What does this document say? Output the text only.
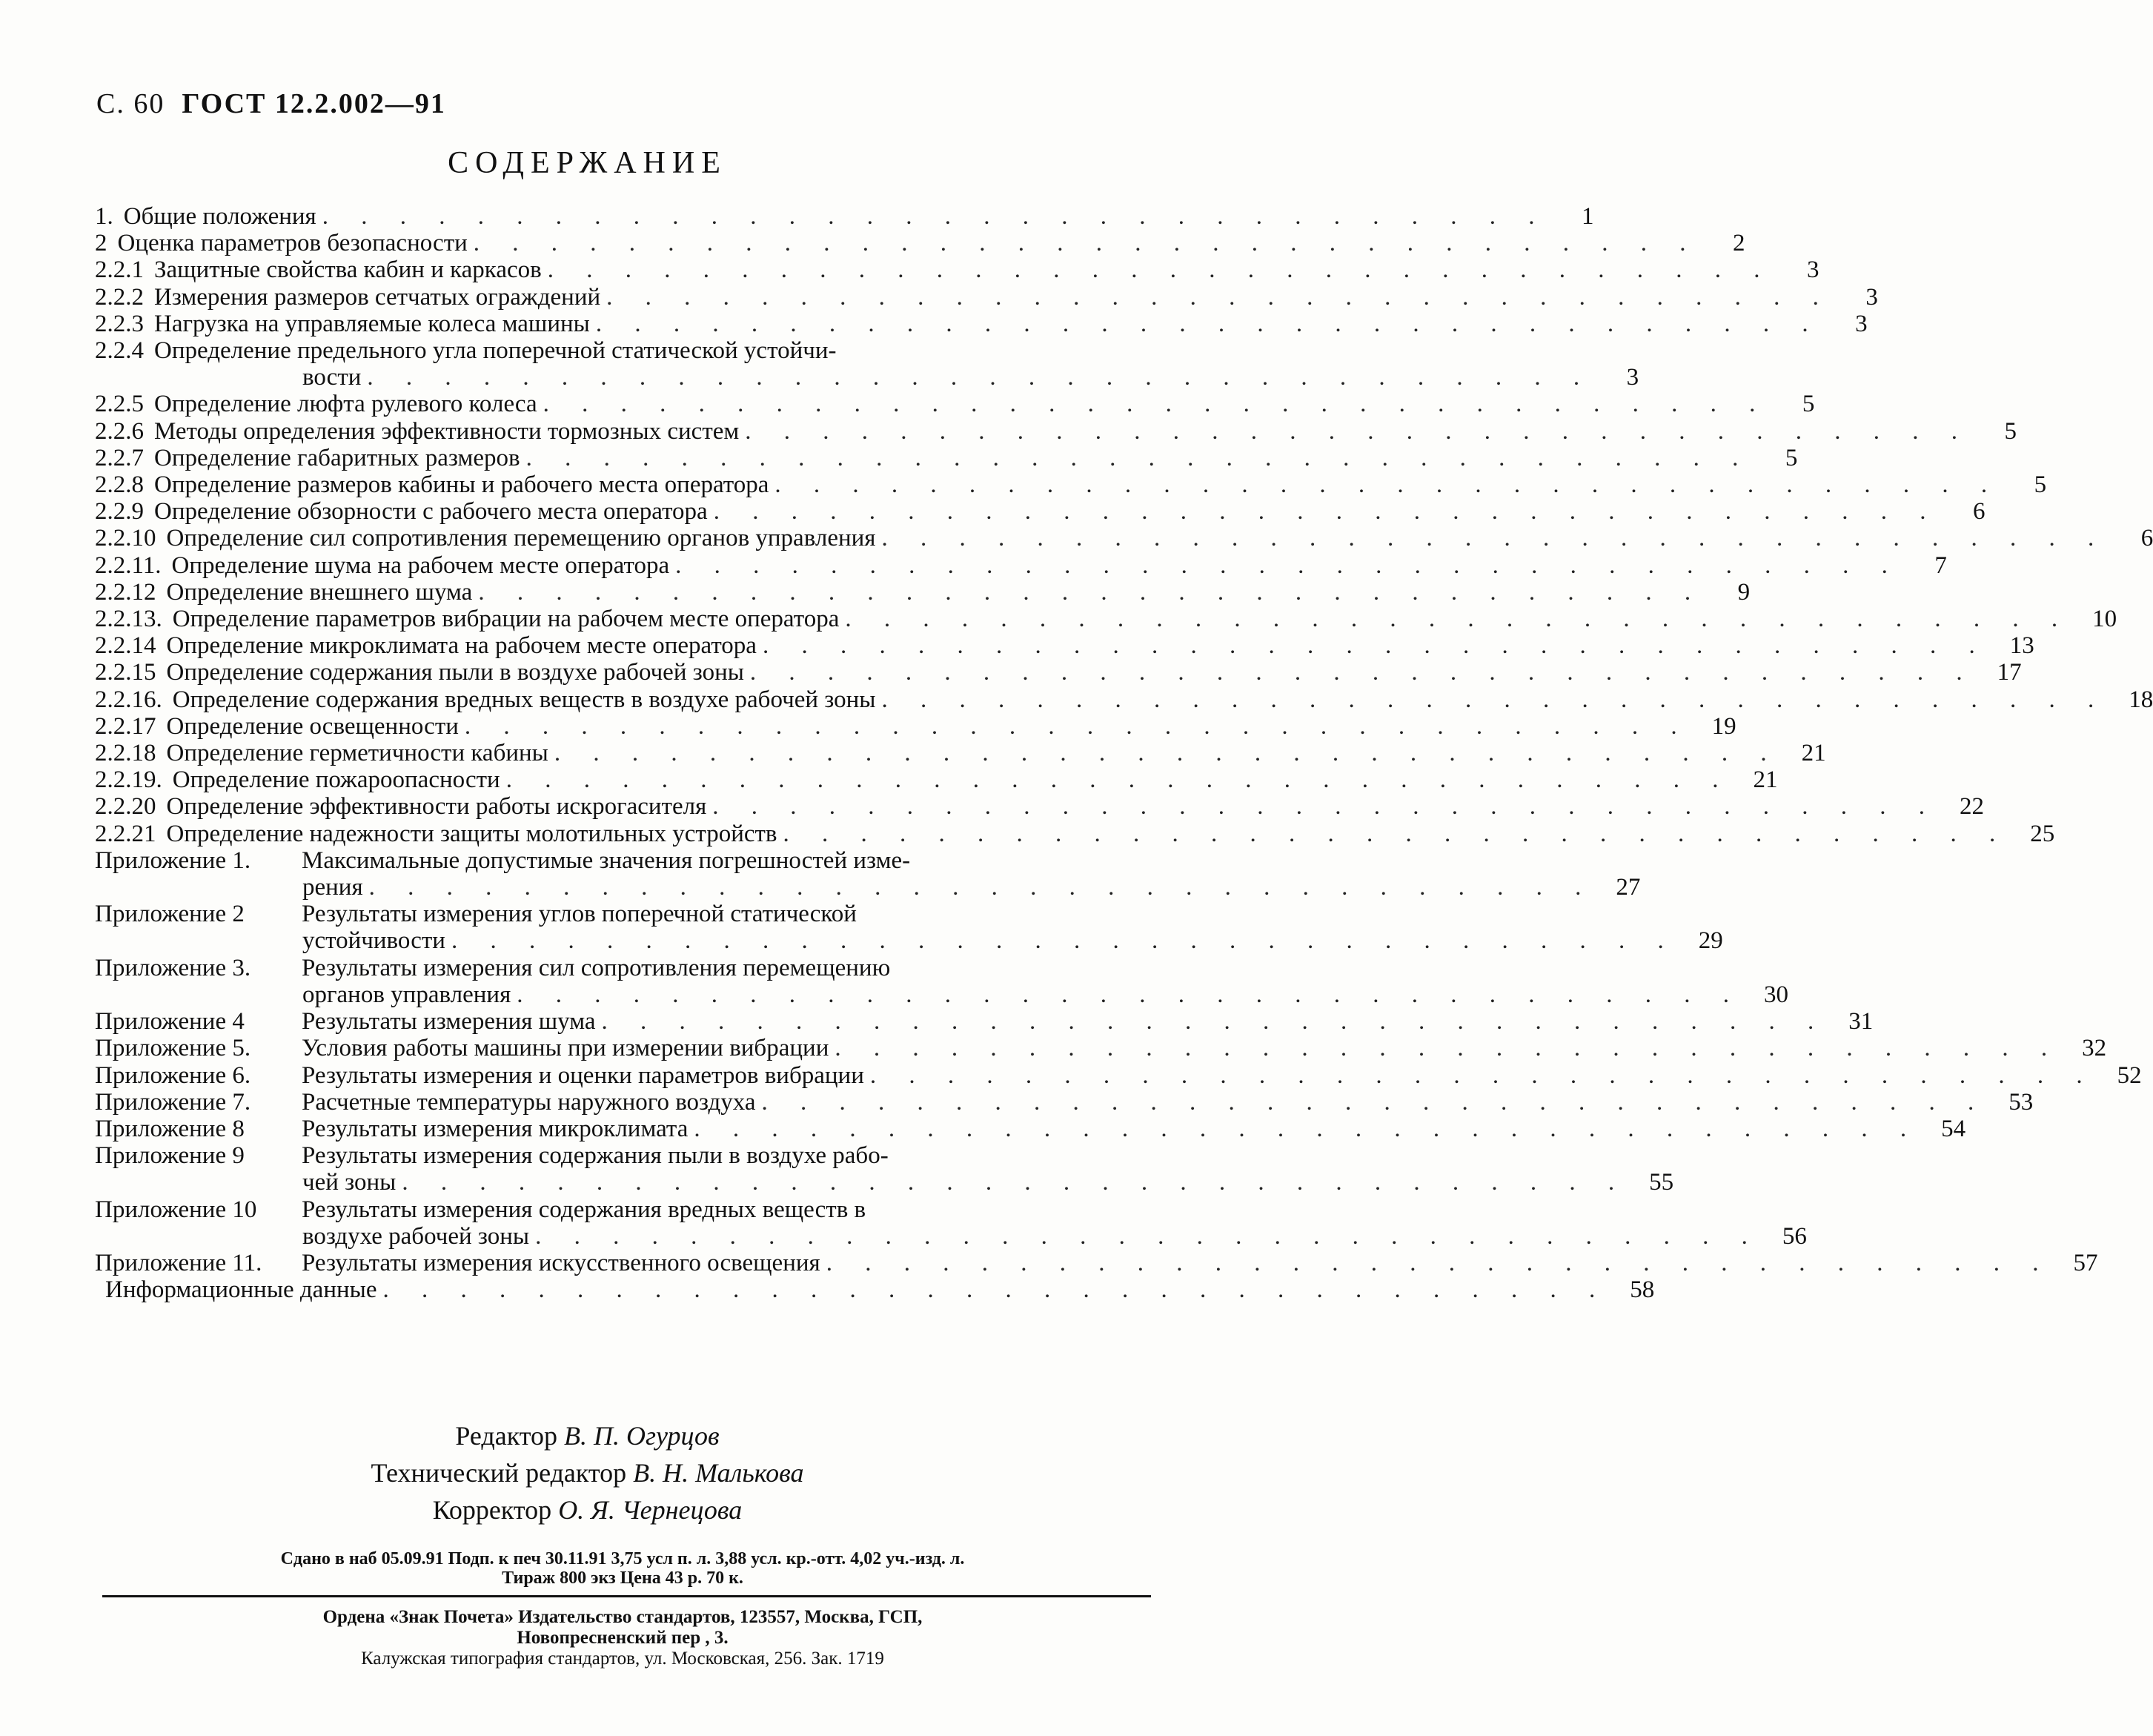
С. 60 ГОСТ 12.2.002—91
СОДЕРЖАНИЕ
1. Общие положения . . . . . . . . . . . . . . . . . . . . . . . . . . . . . . . .	1
2 Оценка параметров безопасности . . . . . . . . . . . . . . . . . . . . . . . . . . . . . . . .	2
2.2.1 Защитные свойства кабин и каркасов . . . . . . . . . . . . . . . . . . . . . . . . . . . . . . . .	3
2.2.2 Измерения размеров сетчатых ограждений . . . . . . . . . . . . . . . . . . . . . . . . . . . . . . . .	3
2.2.3 Нагрузка на управляемые колеса машины . . . . . . . . . . . . . . . . . . . . . . . . . . . . . . . .	3
2.2.4 Определение предельного угла поперечной статической устойчи-
вости . . . . . . . . . . . . . . . . . . . . . . . . . . . . . . . .	3
2.2.5 Определение люфта рулевого колеса . . . . . . . . . . . . . . . . . . . . . . . . . . . . . . . .	5
2.2.6 Методы определения эффективности тормозных систем . . . . . . . . . . . . . . . . . . . . . . . . . . . . . . . .	5
2.2.7 Определение габаритных размеров . . . . . . . . . . . . . . . . . . . . . . . . . . . . . . . .	5
2.2.8 Определение размеров кабины и рабочего места оператора . . . . . . . . . . . . . . . . . . . . . . . . . . . . . . . .	5
2.2.9 Определение обзорности с рабочего места оператора . . . . . . . . . . . . . . . . . . . . . . . . . . . . . . . .	6
2.2.10 Определение сил сопротивления перемещению органов управления . . . . . . . . . . . . . . . . . . . . . . . . . . . . . . . .	6
2.2.11. Определение шума на рабочем месте оператора . . . . . . . . . . . . . . . . . . . . . . . . . . . . . . . .	7
2.2.12 Определение внешнего шума . . . . . . . . . . . . . . . . . . . . . . . . . . . . . . . .	9
2.2.13. Определение параметров вибрации на рабочем месте оператора . . . . . . . . . . . . . . . . . . . . . . . . . . . . . . . . 10
2.2.14 Определение микроклимата на рабочем месте оператора . . . . . . . . . . . . . . . . . . . . . . . . . . . . . . . . 13
2.2.15 Определение содержания пыли в воздухе рабочей зоны . . . . . . . . . . . . . . . . . . . . . . . . . . . . . . . . 17
2.2.16. Определение содержания вредных веществ в воздухе рабочей зоны . . . . . . . . . . . . . . . . . . . . . . . . . . . . . . . . 18
2.2.17 Определение освещенности . . . . . . . . . . . . . . . . . . . . . . . . . . . . . . . . 19
2.2.18 Определение герметичности кабины . . . . . . . . . . . . . . . . . . . . . . . . . . . . . . . . 21
2.2.19. Определение пожароопасности . . . . . . . . . . . . . . . . . . . . . . . . . . . . . . . . 21
2.2.20 Определение эффективности работы искрогасителя . . . . . . . . . . . . . . . . . . . . . . . . . . . . . . . . 22
2.2.21 Определение надежности защиты молотильных устройств . . . . . . . . . . . . . . . . . . . . . . . . . . . . . . . . 25
Приложение 1.	Максимальные допустимые значения погрешностей изме-
рения . . . . . . . . . . . . . . . . . . . . . . . . . . . . . . . . 27
Приложение 2	Результаты измерения углов поперечной статической
устойчивости . . . . . . . . . . . . . . . . . . . . . . . . . . . . . . . . 29
Приложение 3.	Результаты измерения сил сопротивления перемещению
органов управления . . . . . . . . . . . . . . . . . . . . . . . . . . . . . . . . 30
Приложение 4	Результаты измерения шума . . . . . . . . . . . . . . . . . . . . . . . . . . . . . . . . 31
Приложение 5.	Условия работы машины при измерении вибрации . . . . . . . . . . . . . . . . . . . . . . . . . . . . . . . . 32
Приложение 6.	Результаты измерения и оценки параметров вибрации . . . . . . . . . . . . . . . . . . . . . . . . . . . . . . . . 52
Приложение 7.	Расчетные температуры наружного воздуха . . . . . . . . . . . . . . . . . . . . . . . . . . . . . . . . 53
Приложение 8	Результаты измерения микроклимата . . . . . . . . . . . . . . . . . . . . . . . . . . . . . . . . 54
Приложение 9	Результаты измерения содержания пыли в воздухе рабо-
чей зоны . . . . . . . . . . . . . . . . . . . . . . . . . . . . . . . . 55
Приложение 10	Результаты измерения содержания вредных веществ в
воздухе рабочей зоны . . . . . . . . . . . . . . . . . . . . . . . . . . . . . . . . 56
Приложение 11.	Результаты измерения искусственного освещения . . . . . . . . . . . . . . . . . . . . . . . . . . . . . . . . 57
Информационные данные . . . . . . . . . . . . . . . . . . . . . . . . . . . . . . . . 58
Редактор В. П. Огурцов
Технический редактор В. Н. Малькова
Корректор О. Я. Чернецова
Сдано в наб 05.09.91 Подп. к печ 30.11.91 3,75 усл п. л. 3,88 усл. кр.-отт. 4,02 уч.-изд. л.
Тираж 800 экз Цена 43 р. 70 к.
Ордена «Знак Почета» Издательство стандартов, 123557, Москва, ГСП,
Новопресненский пер , 3.
Калужская типография стандартов, ул. Московская, 256. Зак. 1719
